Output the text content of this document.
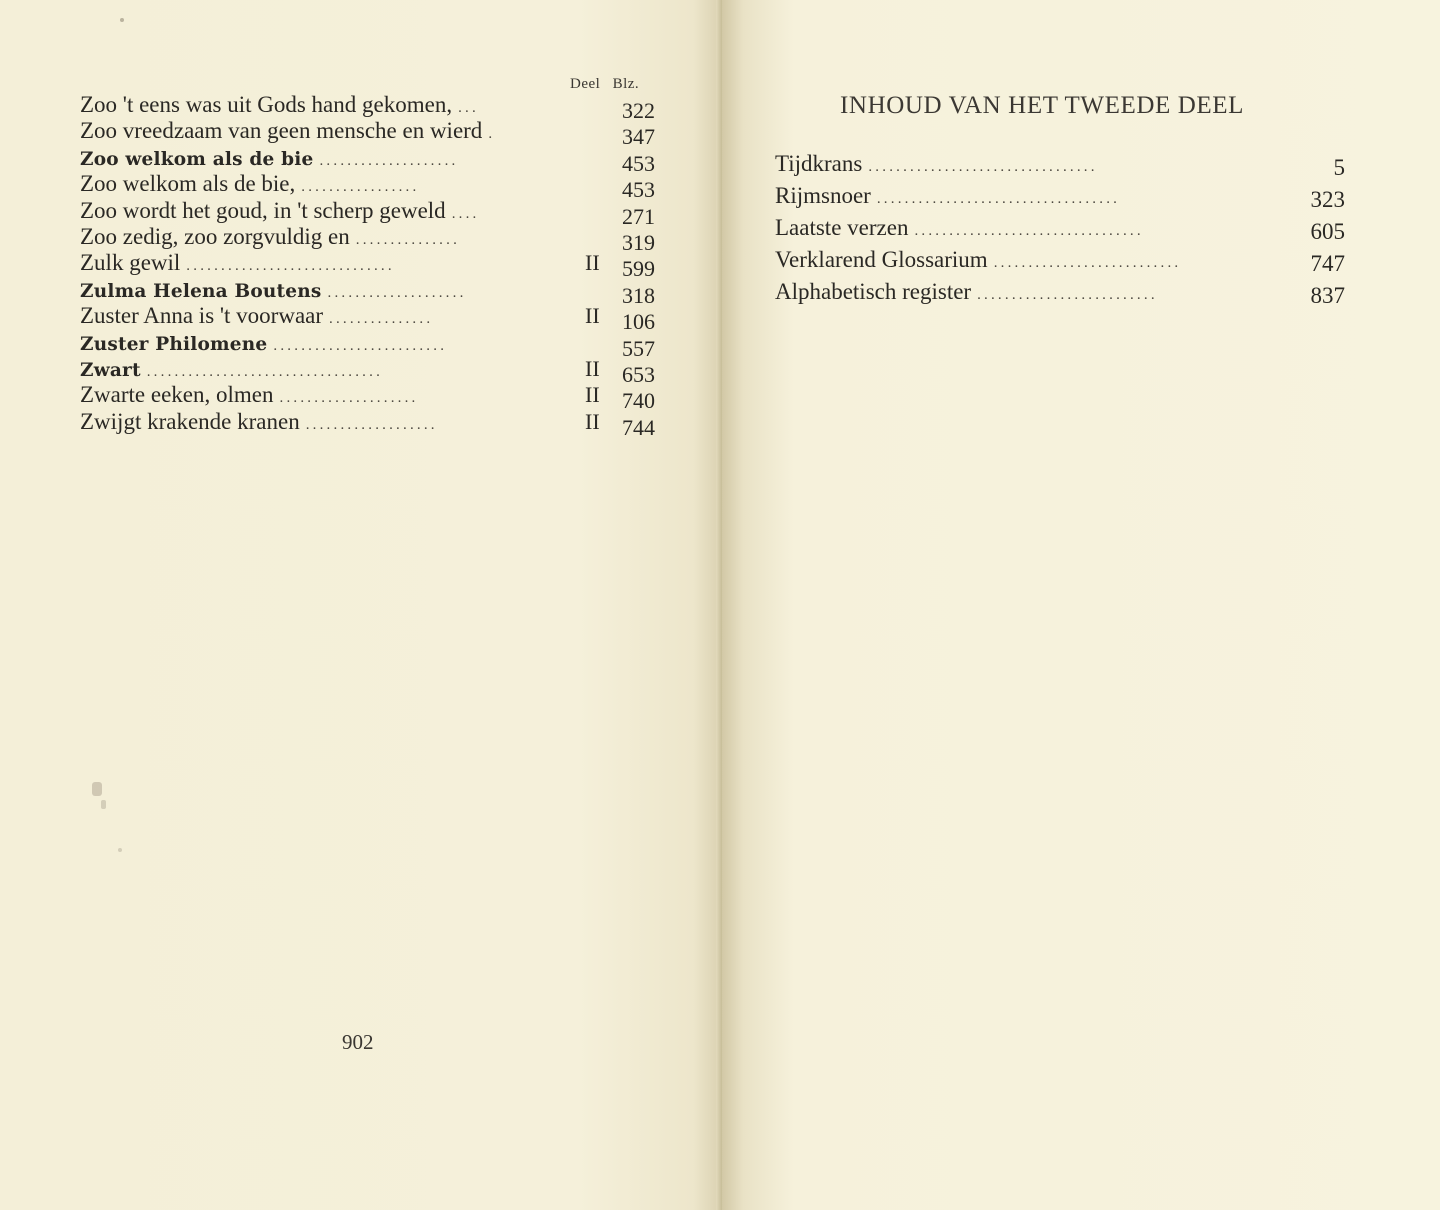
Deel Blz.
Zoo 't eens was uit Gods hand gekomen, ...	322
Zoo vreedzaam van geen mensche en wierd .	347
Zoo welkom als de bie ....................	453
Zoo welkom als de bie, .................	453
Zoo wordt het goud, in 't scherp geweld ....	271
Zoo zedig, zoo zorgvuldig en ...............	319
Zulk gewil ..............................	II	599
Zulma Helena Boutens ....................	318
Zuster Anna is 't voorwaar ...............	II	106
Zuster Philomene .........................	557
Zwart ..................................	II	653
Zwarte eeken, olmen ....................	II	740
Zwijgt krakende kranen ...................	II	744
902
INHOUD VAN HET TWEEDE DEEL
Tijdkrans .................................	5
Rijmsnoer ...................................	323
Laatste verzen .................................	605
Verklarend Glossarium ...........................	747
Alphabetisch register ..........................	837
